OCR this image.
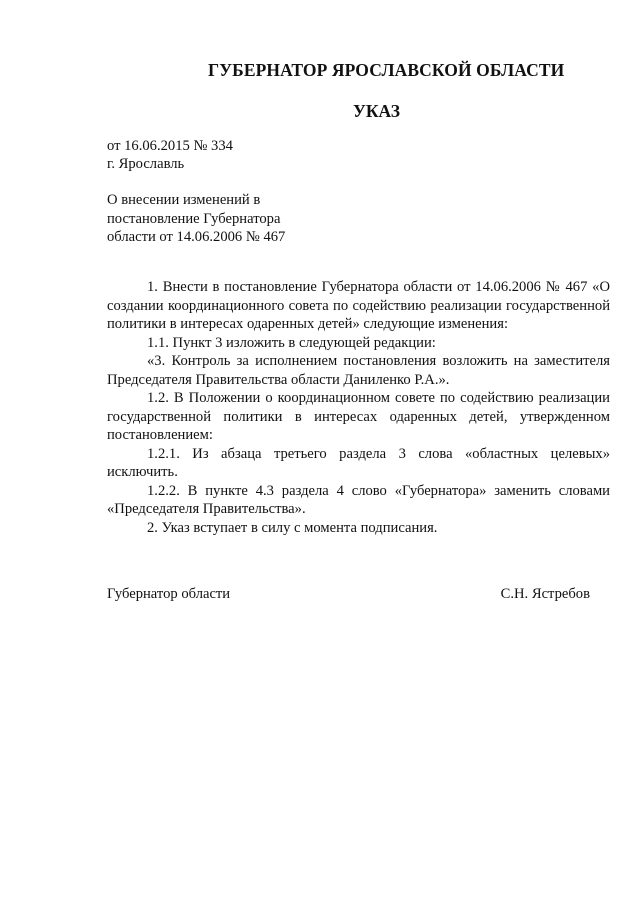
ГУБЕРНАТОР ЯРОСЛАВСКОЙ ОБЛАСТИ
УКАЗ
от 16.06.2015 № 334
г. Ярославль
О внесении изменений в
постановление Губернатора
области от 14.06.2006 № 467

1. Внести в постановление Губернатора области от 14.06.2006 № 467 «О создании координационного совета по содействию реализации государственной политики в интересах одаренных детей» следующие изменения:

1.1. Пункт 3 изложить в следующей редакции:

«3. Контроль за исполнением постановления возложить на заместителя Председателя Правительства области Даниленко Р.А.».

1.2. В Положении о координационном совете по содействию реализации государственной политики в интересах одаренных детей, утвержденном постановлением:

1.2.1. Из абзаца третьего раздела 3 слова «областных целевых» исключить.

1.2.2. В пункте 4.3 раздела 4 слово «Губернатора» заменить словами «Председателя Правительства».

2. Указ вступает в силу с момента подписания.

Губернатор области	С.Н. Ястребов
